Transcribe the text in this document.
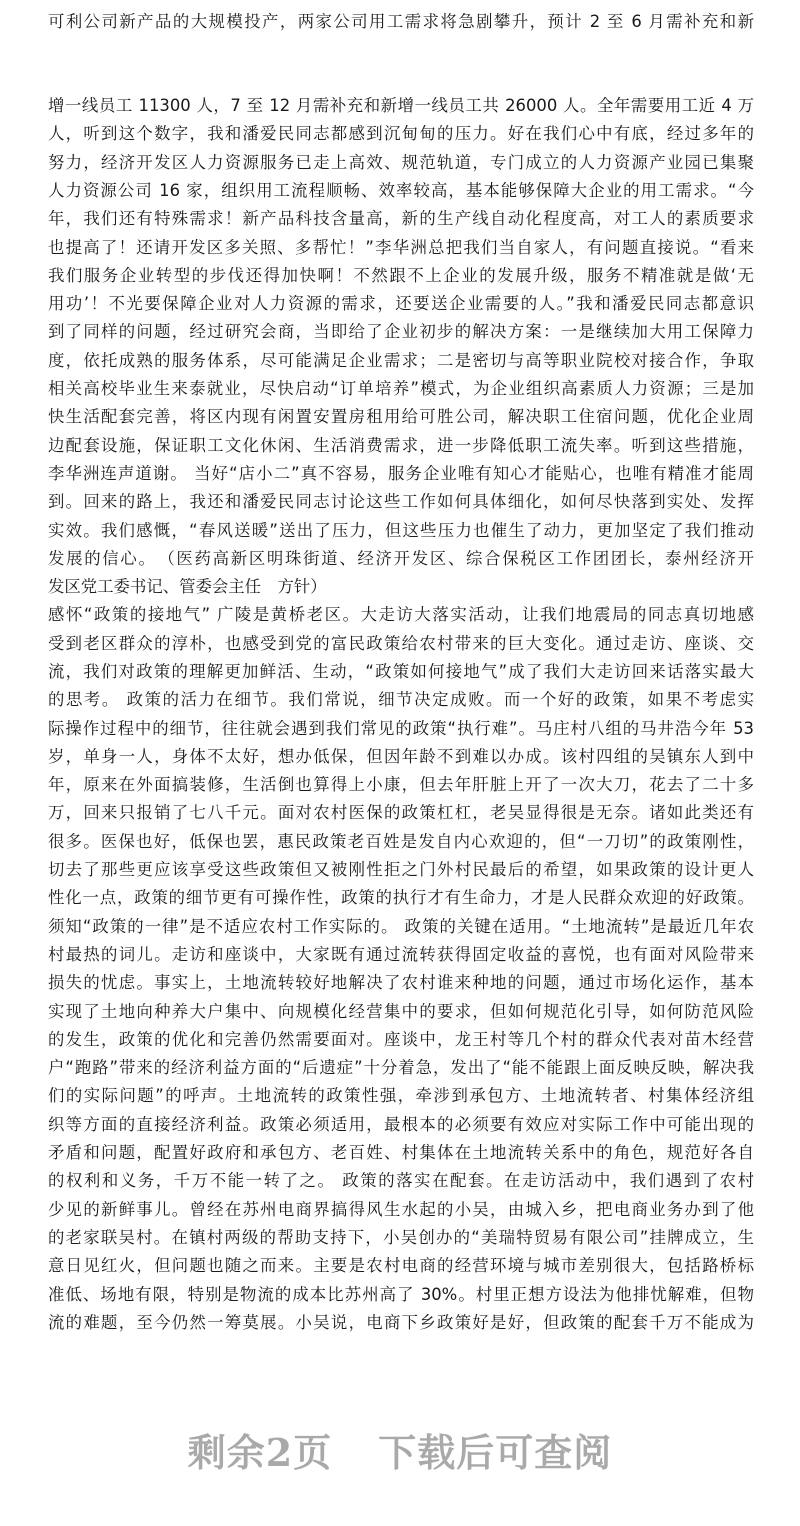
可利公司新产品的大规模投产，两家公司用工需求将急剧攀升，预计 2 至 6 月需补充和新
增一线员工 11300 人，7 至 12 月需补充和新增一线员工共 26000 人。全年需要用工近 4 万
人，听到这个数字，我和潘爱民同志都感到沉甸甸的压力。好在我们心中有底，经过多年的
努力，经济开发区人力资源服务已走上高效、规范轨道，专门成立的人力资源产业园已集聚
人力资源公司 16 家，组织用工流程顺畅、效率较高，基本能够保障大企业的用工需求。“今
年，我们还有特殊需求！新产品科技含量高，新的生产线自动化程度高，对工人的素质要求
也提高了！还请开发区多关照、多帮忙！”李华洲总把我们当自家人，有问题直接说。“看来
我们服务企业转型的步伐还得加快啊！不然跟不上企业的发展升级，服务不精准就是做‘无
用功’！不光要保障企业对人力资源的需求，还要送企业需要的人。”我和潘爱民同志都意识
到了同样的问题，经过研究会商，当即给了企业初步的解决方案：一是继续加大用工保障力
度，依托成熟的服务体系，尽可能满足企业需求；二是密切与高等职业院校对接合作，争取
相关高校毕业生来泰就业，尽快启动“订单培养”模式，为企业组织高素质人力资源；三是加
快生活配套完善，将区内现有闲置安置房租用给可胜公司，解决职工住宿问题，优化企业周
边配套设施，保证职工文化休闲、生活消费需求，进一步降低职工流失率。听到这些措施，
李华洲连声道谢。 当好“店小二”真不容易，服务企业唯有知心才能贴心，也唯有精准才能周
到。回来的路上，我还和潘爱民同志讨论这些工作如何具体细化，如何尽快落到实处、发挥
实效。我们感慨，“春风送暖”送出了压力，但这些压力也催生了动力，更加坚定了我们推动
发展的信心。　（医药高新区明珠街道、经济开发区、综合保税区工作团团长，泰州经济开
发区党工委书记、管委会主任　方针）
感怀“政策的接地气” 广陵是黄桥老区。大走访大落实活动，让我们地震局的同志真切地感
受到老区群众的淳朴，也感受到党的富民政策给农村带来的巨大变化。通过走访、座谈、交
流，我们对政策的理解更加鲜活、生动，“政策如何接地气”成了我们大走访回来话落实最大
的思考。 政策的活力在细节。我们常说，细节决定成败。而一个好的政策，如果不考虑实
际操作过程中的细节，往往就会遇到我们常见的政策“执行难”。马庄村八组的马井浩今年 53
岁，单身一人，身体不太好，想办低保，但因年龄不到难以办成。该村四组的吴镇东人到中
年，原来在外面搞装修，生活倒也算得上小康，但去年肝脏上开了一次大刀，花去了二十多
万，回来只报销了七八千元。面对农村医保的政策杠杠，老吴显得很是无奈。诸如此类还有
很多。医保也好，低保也罢，惠民政策老百姓是发自内心欢迎的，但“一刀切”的政策刚性，
切去了那些更应该享受这些政策但又被刚性拒之门外村民最后的希望，如果政策的设计更人
性化一点，政策的细节更有可操作性，政策的执行才有生命力，才是人民群众欢迎的好政策。
须知“政策的一律”是不适应农村工作实际的。 政策的关键在适用。“土地流转”是最近几年农
村最热的词儿。走访和座谈中，大家既有通过流转获得固定收益的喜悦，也有面对风险带来
损失的忧虑。事实上，土地流转较好地解决了农村谁来种地的问题，通过市场化运作，基本
实现了土地向种养大户集中、向规模化经营集中的要求，但如何规范化引导，如何防范风险
的发生，政策的优化和完善仍然需要面对。座谈中，龙王村等几个村的群众代表对苗木经营
户“跑路”带来的经济利益方面的“后遗症”十分着急，发出了“能不能跟上面反映反映，解决我
们的实际问题”的呼声。土地流转的政策性强，牵涉到承包方、土地流转者、村集体经济组
织等方面的直接经济利益。政策必须适用，最根本的必须要有效应对实际工作中可能出现的
矛盾和问题，配置好政府和承包方、老百姓、村集体在土地流转关系中的角色，规范好各自
的权利和义务，千万不能一转了之。 政策的落实在配套。在走访活动中，我们遇到了农村
少见的新鲜事儿。曾经在苏州电商界搞得风生水起的小吴，由城入乡，把电商业务办到了他
的老家联吴村。在镇村两级的帮助支持下，小吴创办的“美瑞特贸易有限公司”挂牌成立，生
意日见红火，但问题也随之而来。主要是农村电商的经营环境与城市差别很大，包括路桥标
准低、场地有限，特别是物流的成本比苏州高了 30%。村里正想方设法为他排忧解难，但物
流的难题，至今仍然一筹莫展。小吴说，电商下乡政策好是好，但政策的配套千万不能成为
剩余2页 下载后可查阅
